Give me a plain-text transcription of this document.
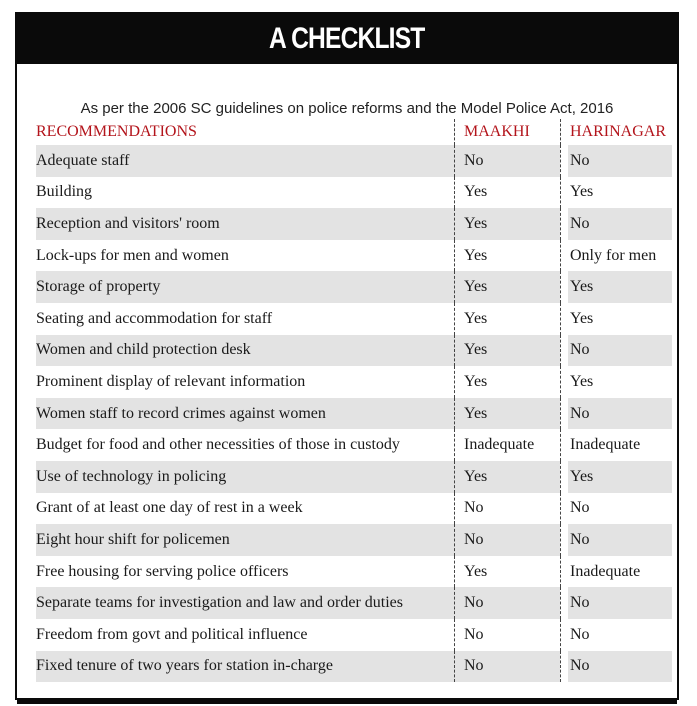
A CHECKLIST
As per the 2006 SC guidelines on police reforms and the Model Police Act, 2016
RECOMMENDATIONS		MAAKHI		HARINAGAR
Adequate staff		No		No
Building		Yes		Yes
Reception and visitors' room		Yes		No
Lock-ups for men and women		Yes		Only for men
Storage of property		Yes		Yes
Seating and accommodation for staff		Yes		Yes
Women and child protection desk		Yes		No
Prominent display of relevant information		Yes		Yes
Women staff to record crimes against women		Yes		No
Budget for food and other necessities of those in custody		Inadequate		Inadequate
Use of technology in policing		Yes		Yes
Grant of at least one day of rest in a week		No		No
Eight hour shift for policemen		No		No
Free housing for serving police officers		Yes		Inadequate
Separate teams for investigation and law and order duties		No		No
Freedom from govt and political influence		No		No
Fixed tenure of two years for station in-charge		No		No
